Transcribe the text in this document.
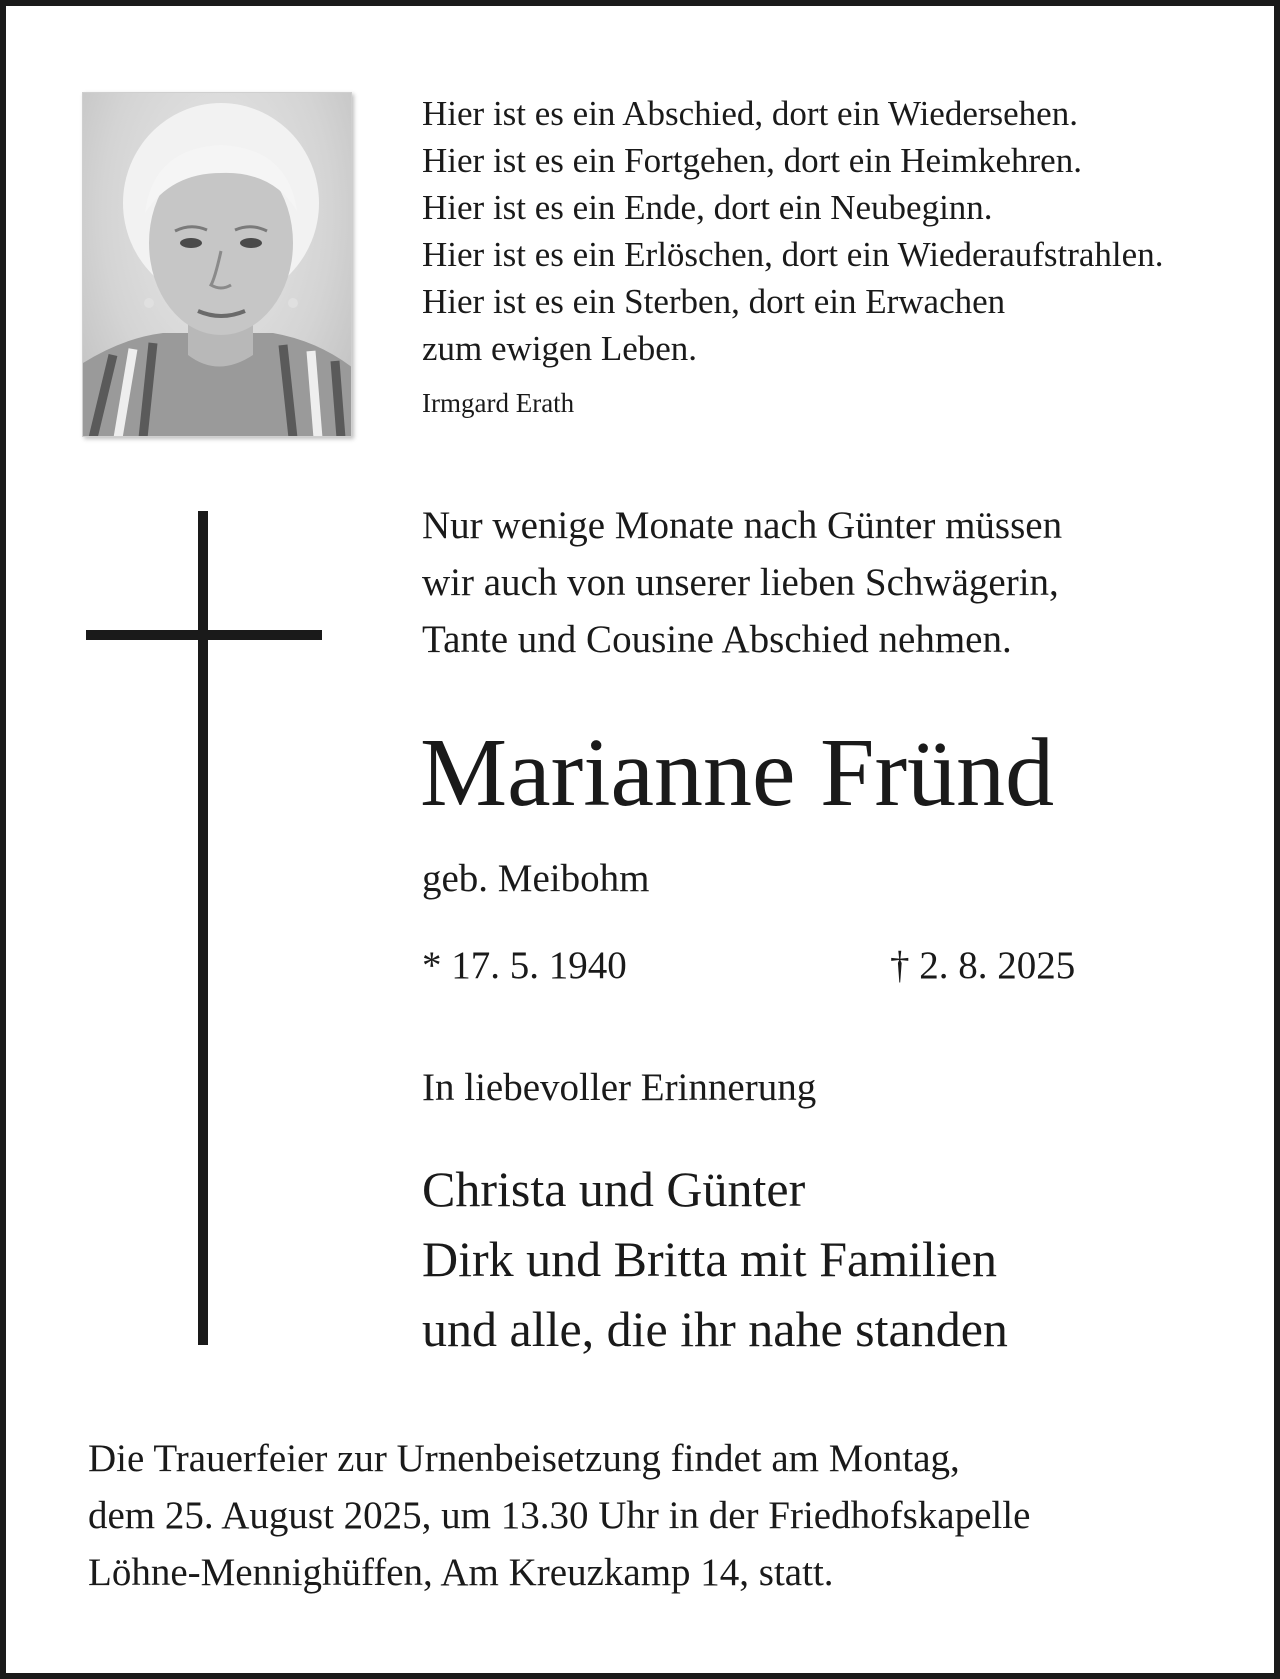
Hier ist es ein Abschied, dort ein Wiedersehen.
Hier ist es ein Fortgehen, dort ein Heimkehren.
Hier ist es ein Ende, dort ein Neubeginn.
Hier ist es ein Erlöschen, dort ein Wiederaufstrahlen.
Hier ist es ein Sterben, dort ein Erwachen
zum ewigen Leben.
Irmgard Erath
Nur wenige Monate nach Günter müssen
wir auch von unserer lieben Schwägerin,
Tante und Cousine Abschied nehmen.
Marianne Fründ
geb. Meibohm
* 17. 5. 1940	† 2. 8. 2025
In liebevoller Erinnerung
Christa und Günter
Dirk und Britta mit Familien
und alle, die ihr nahe standen
Die Trauerfeier zur Urnenbeisetzung findet am Montag,
dem 25. August 2025, um 13.30 Uhr in der Friedhofskapelle
Löhne-Mennighüffen, Am Kreuzkamp 14, statt.
